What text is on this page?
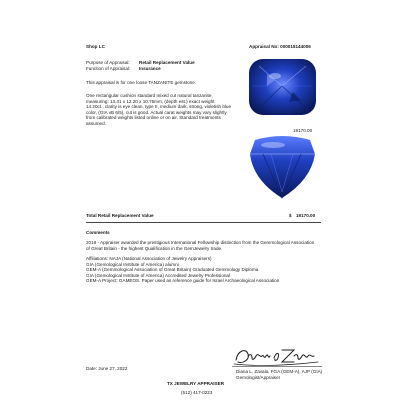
Shop LC	Appraisal No: 000015144006
Purpose of Appraisal: Retail Replacement Value
Function of Appraisal: Insurance
This appraisal is for one loose TANZANITE gemstone.
One rectangular cushion standard mixed cut natural tanzanite, measuring: 13.41 x 12.20 x 10.75mm, (depth est.) exact weight 14.20ct., clarity is eye clean, type II, medium dark, strong, violetish blue color, (GIA vB 6/5), cut is good. Actual carat weights may vary slightly from calibrated weights listed online or on air. Standard treatments assumed.
19170.00
Total Retail Replacement Value	$ 19170.00
Comments
2018 - Appraiser awarded the prestigious International Fellowship distinction from the Gemmological Association of Great Britain - the highest Qualification in the GemJewelry trade.
Affiliations: NAJA (National Association of Jewelry Appraisers)
GIA (Gemological Institute of America) alumni
GEM-A (Gemmological Association of Great Britain) Graduated Gemmology Diploma
GIA (Gemological Institute of America) Accredited Jewelry Professional
GEM-A Project: GAMEOS. Paper used as reference guide for Israel Archaeological Association
Date: June 27, 2022
Diana L. Zavala, FGA (GEM-A), AJP (GIA)
Gemologist/Appraiser
TX JEWELRY APPRAISER
(512) 417-0223
